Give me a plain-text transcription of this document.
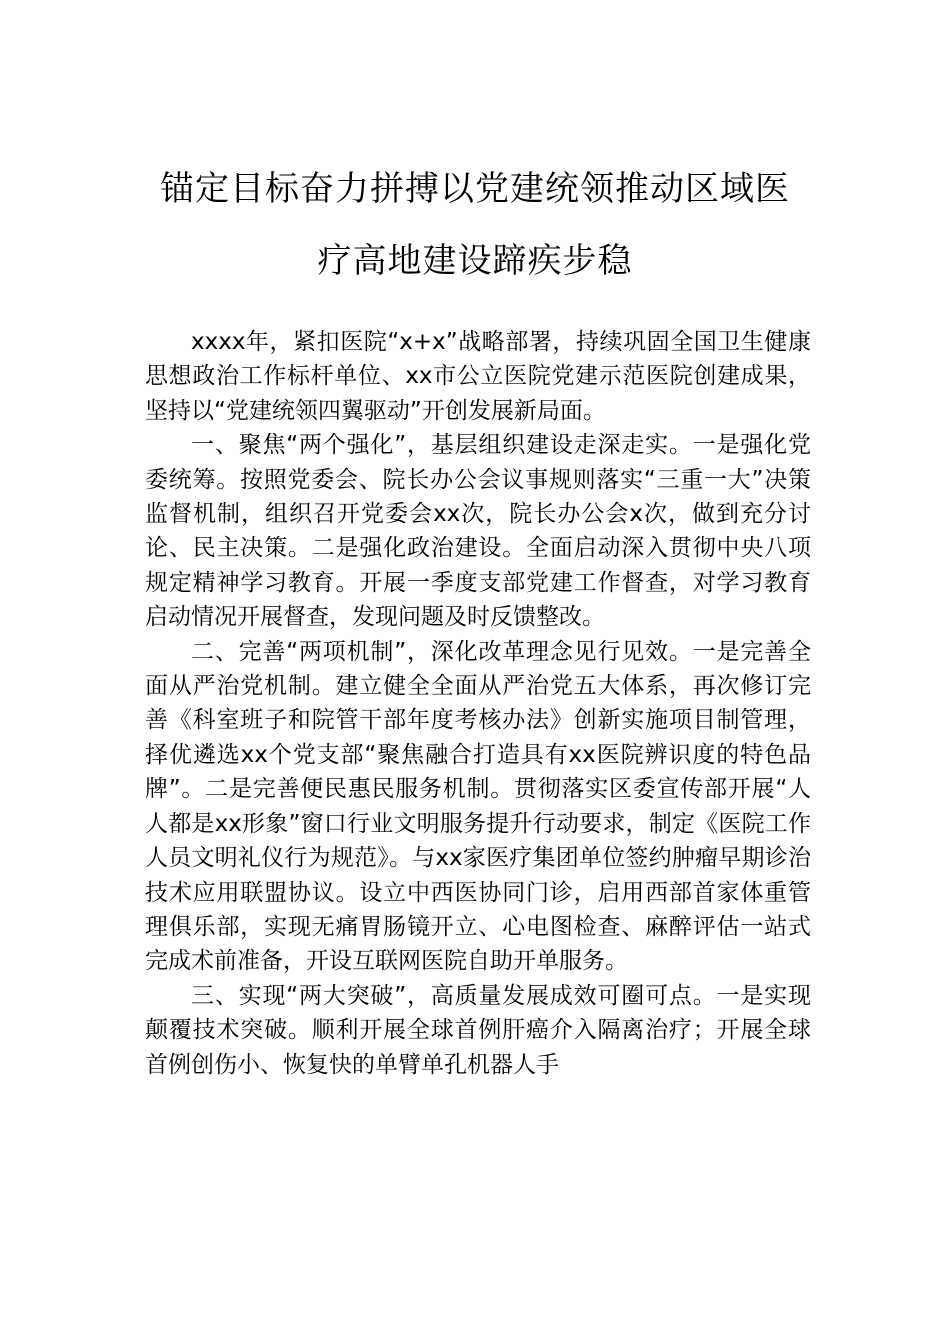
锚定目标奋力拼搏以党建统领推动区域医
疗高地建设蹄疾步稳

xxxx年，紧扣医院“x+x”战略部署，持续巩固全国卫生健康思想政治工作标杆单位、xx市公立医院党建示范医院创建成果，坚持以“党建统领四翼驱动”开创发展新局面。

一、聚焦“两个强化”，基层组织建设走深走实。一是强化党委统筹。按照党委会、院长办公会议事规则落实“三重一大”决策监督机制，组织召开党委会xx次，院长办公会x次，做到充分讨论、民主决策。二是强化政治建设。全面启动深入贯彻中央八项规定精神学习教育。开展一季度支部党建工作督查，对学习教育启动情况开展督查，发现问题及时反馈整改。

二、完善“两项机制”，深化改革理念见行见效。一是完善全面从严治党机制。建立健全全面从严治党五大体系，再次修订完善《科室班子和院管干部年度考核办法》创新实施项目制管理，择优遴选xx个党支部“聚焦融合打造具有xx医院辨识度的特色品牌”。二是完善便民惠民服务机制。贯彻落实区委宣传部开展“人人都是xx形象”窗口行业文明服务提升行动要求，制定《医院工作人员文明礼仪行为规范》。与xx家医疗集团单位签约肿瘤早期诊治技术应用联盟协议。设立中西医协同门诊，启用西部首家体重管理俱乐部，实现无痛胃肠镜开立、心电图检查、麻醉评估一站式完成术前准备，开设互联网医院自助开单服务。

三、实现“两大突破”，高质量发展成效可圈可点。一是实现颠覆技术突破。顺利开展全球首例肝癌介入隔离治疗；开展全球首例创伤小、恢复快的单臂单孔机器人手
